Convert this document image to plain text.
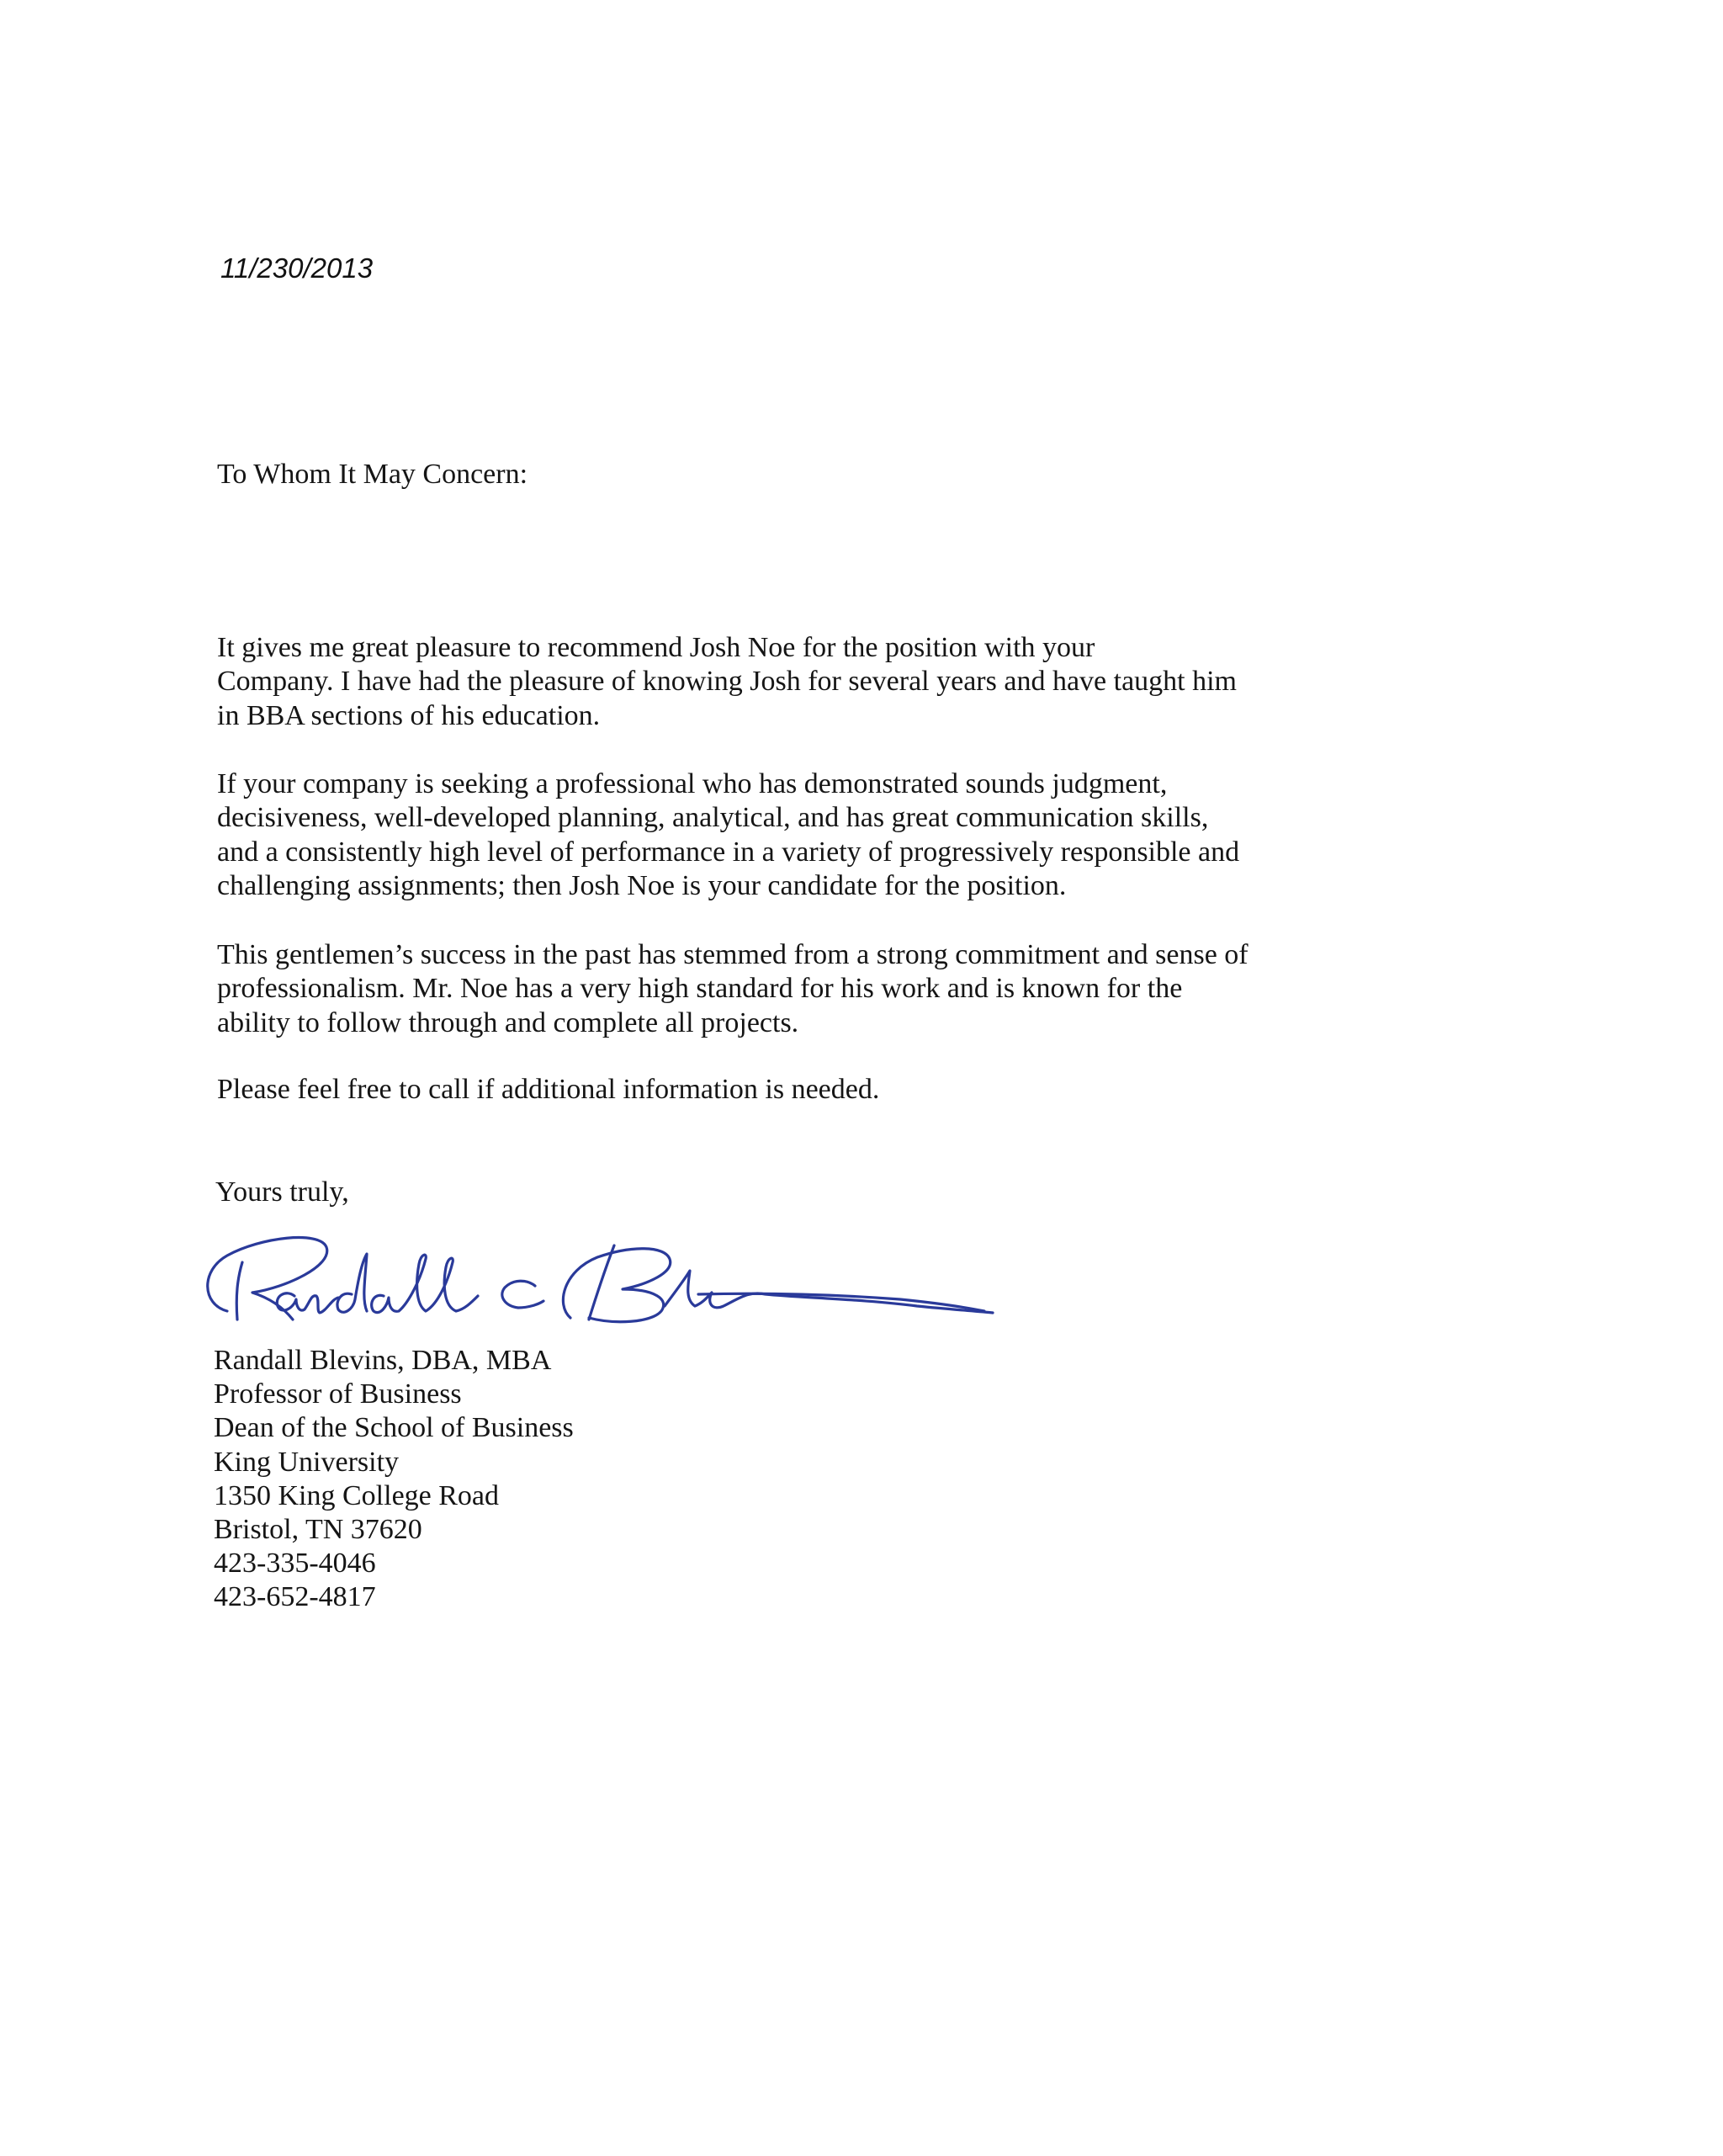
11/230/2013
To Whom It May Concern:

It gives me great pleasure to recommend Josh Noe for the position with your
Company. I have had the pleasure of knowing Josh for several years and have taught him
in BBA sections of his education.

If your company is seeking a professional who has demonstrated sounds judgment,
decisiveness, well-developed planning, analytical, and has great communication skills,
and a consistently high level of performance in a variety of progressively responsible and
challenging assignments; then Josh Noe is your candidate for the position.

This gentlemen’s success in the past has stemmed from a strong commitment and sense of
professionalism. Mr. Noe has a very high standard for his work and is known for the
ability to follow through and complete all projects.

Please feel free to call if additional information is needed.

Yours truly,
Randall Blevins, DBA, MBA
Professor of Business
Dean of the School of Business
King University
1350 King College Road
Bristol, TN 37620
423-335-4046
423-652-4817
